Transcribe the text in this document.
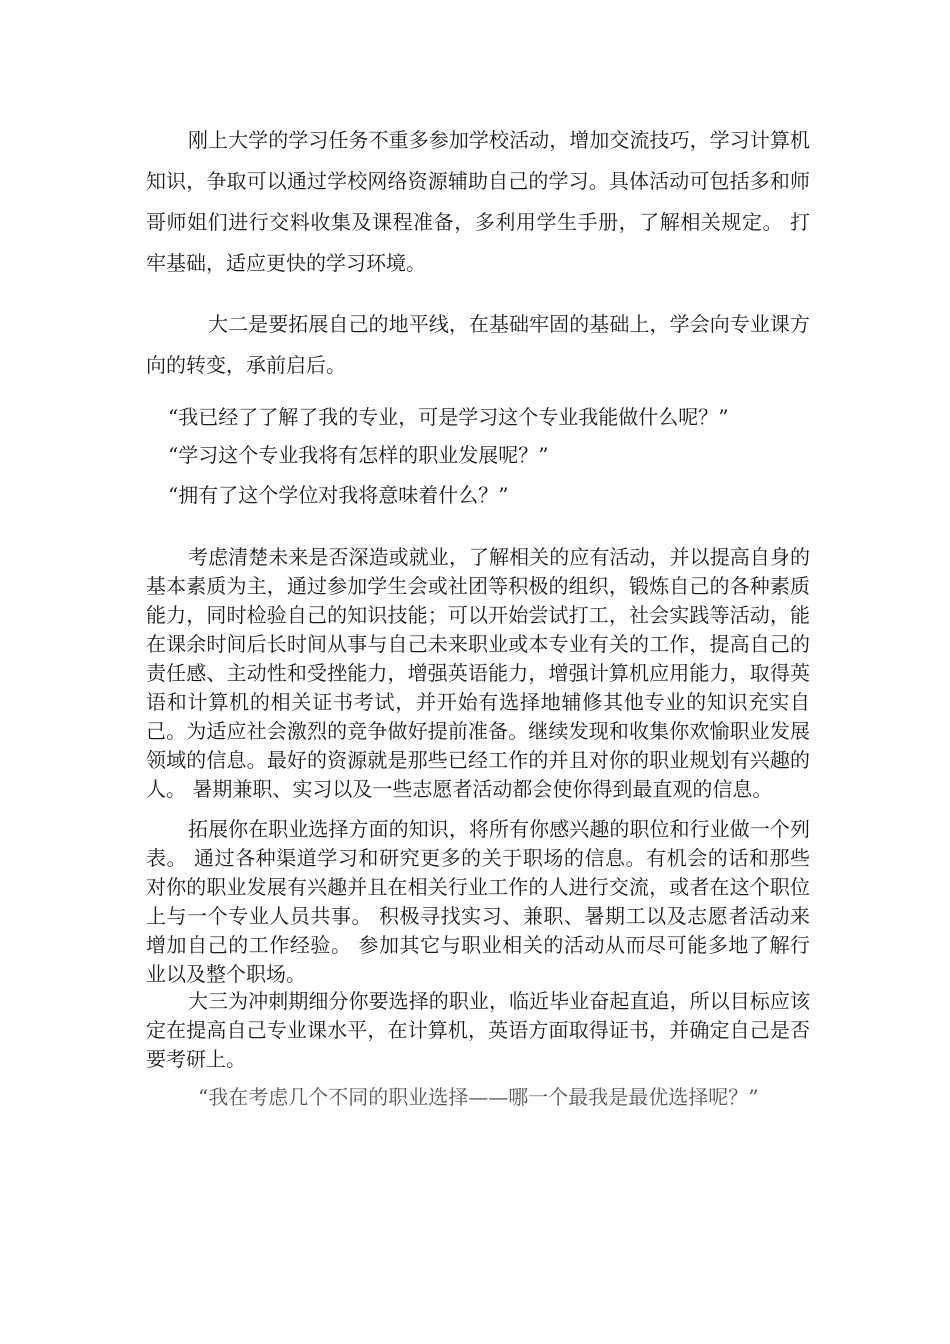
刚上大学的学习任务不重多参加学校活动，增加交流技巧，学习计算机知识，争取可以通过学校网络资源辅助自己的学习。具体活动可包括多和师哥师姐们进行交料收集及课程准备，多利用学生手册，了解相关规定。 打牢基础，适应更快的学习环境。

大二是要拓展自己的地平线，在基础牢固的基础上，学会向专业课方向的转变，承前启后。

“我已经了了解了我的专业，可是学习这个专业我能做什么呢？”

“学习这个专业我将有怎样的职业发展呢？”

“拥有了这个学位对我将意味着什么？”

考虑清楚未来是否深造或就业，了解相关的应有活动，并以提高自身的基本素质为主，通过参加学生会或社团等积极的组织，锻炼自己的各种素质能力，同时检验自己的知识技能；可以开始尝试打工，社会实践等活动，能在课余时间后长时间从事与自己未来职业或本专业有关的工作，提高自己的责任感、主动性和受挫能力，增强英语能力，增强计算机应用能力，取得英语和计算机的相关证书考试，并开始有选择地辅修其他专业的知识充实自己。为适应社会激烈的竞争做好提前准备。继续发现和收集你欢愉职业发展领域的信息。最好的资源就是那些已经工作的并且对你的职业规划有兴趣的人。 暑期兼职、实习以及一些志愿者活动都会使你得到最直观的信息。

拓展你在职业选择方面的知识，将所有你感兴趣的职位和行业做一个列表。 通过各种渠道学习和研究更多的关于职场的信息。有机会的话和那些对你的职业发展有兴趣并且在相关行业工作的人进行交流，或者在这个职位上与一个专业人员共事。 积极寻找实习、兼职、暑期工以及志愿者活动来增加自己的工作经验。 参加其它与职业相关的活动从而尽可能多地了解行业以及整个职场。

大三为冲刺期细分你要选择的职业，临近毕业奋起直追，所以目标应该定在提高自己专业课水平，在计算机，英语方面取得证书，并确定自己是否要考研上。

“我在考虑几个不同的职业选择——哪一个最我是最优选择呢？”
